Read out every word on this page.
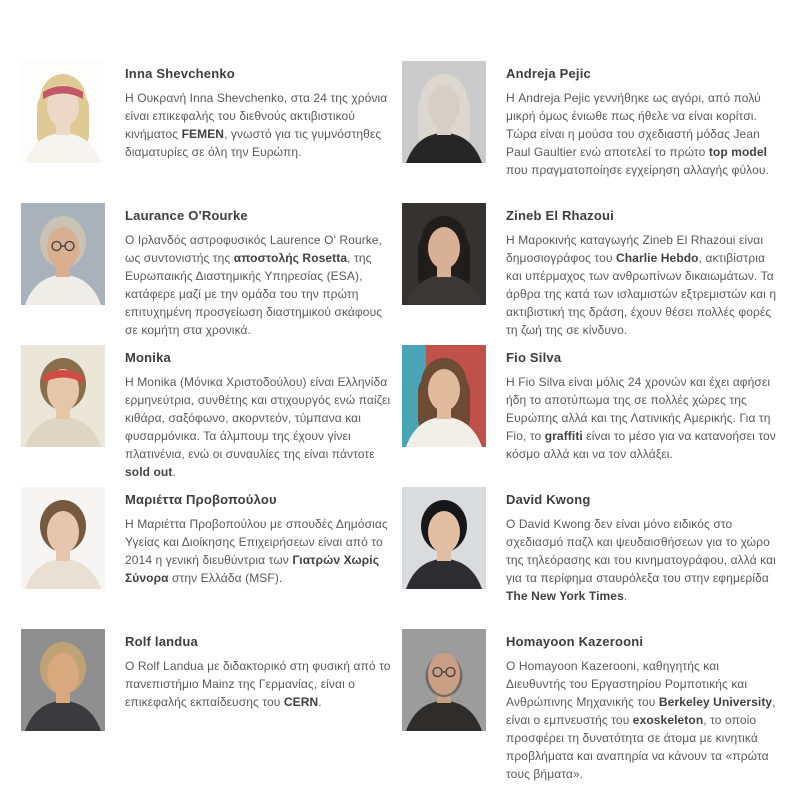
Inna Shevchenko

Η Ουκρανή Inna Shevchenko, στα 24 της χρόνια είναι επικεφαλής του διεθνούς ακτιβιστικού κινήματος FEMEN, γνωστό για τις γυμνόστηθες διαματυρίες σε όλη την Ευρώπη.

Andreja Pejic

Η Andreja Pejic γεννήθηκε ως αγόρι, από πολύ μικρή όμως ένιωθε πως ήθελε να είναι κορίτσι. Τώρα είναι η μούσα του σχεδιαστή μόδας Jean Paul Gaultier ενώ αποτελεί το πρώτο top model που πραγματοποίησε εγχείρηση αλλαγής φύλου.

Laurance O'Rourke

Ο Ιρλανδός αστροφυσικός Laurence O' Rourke, ως συντονιστής της αποστολής Rosetta, της Ευρωπαικής Διαστημικής Υπηρεσίας (ESA), κατάφερε μαζί με την ομάδα του την πρώτη επιτυχημένη προσγείωση διαστημικού σκάφους σε κομήτη στα χρονικά.

Zineb El Rhazoui

Η Μαροκινής καταγωγής Zineb El Rhazoui είναι δημοσιογράφος του Charlie Hebdo, ακτιβίστρια και υπέρμαχος των ανθρωπίνων δικαιωμάτων. Τα άρθρα της κατά των ισλαμιστών εξτρεμιστών και η ακτιβιστική της δράση, έχουν θέσει πολλές φορές τη ζωή της σε κίνδυνο.

Monika

Η Monika (Μόνικα Χριστοδούλου) είναι Ελληνίδα ερμηνεύτρια, συνθέτης και στιχουργός ενώ παίζει κιθάρα, σαξόφωνο, ακορντεόν, τύμπανα και φυσαρμόνικα. Τα άλμπουμ της έχουν γίνει πλατινένια, ενώ οι συναυλίες της είναι πάντοτε sold out.

Fio Silva

Η Fio Silva είναι μόλις 24 χρονών και έχει αφήσει ήδη το αποτύπωμα της σε πολλές χώρες της Ευρώπης αλλά και της Λατινικής Αμερικής. Για τη Fio, το graffiti είναι το μέσο για να κατανοήσει τον κόσμο αλλά και να τον αλλάξει.

Μαριέττα Προβοπούλου

Η Μαριέττα Προβοπούλου με σπουδές Δημόσιας Υγείας και Διοίκησης Επιχειρήσεων είναι από το 2014 η γενική διευθύντρια των Γιατρών Χωρίς Σύνορα στην Ελλάδα (MSF).

David Kwong

Ο David Kwong δεν είναι μόνο ειδικός στο σχεδιασμό παζλ και ψευδαισθήσεων για το χώρο της τηλεόρασης και του κινηματογράφου, αλλά και για τα περίφημα σταυρόλεξα του στην εφημερίδα The New York Times.

Rolf landua

Ο Rolf Landua με διδακτορικό στη φυσική από το πανεπιστήμιο Mainz της Γερμανίας, είναι ο επικεφαλής εκπαίδευσης του CERN.

Homayoon Kazerooni

Ο Homayoon Kazerooni, καθηγητής και Διευθυντής του Εργαστηρίου Ρομποτικής και Ανθρώπινης Μηχανικής του Berkeley University, είναι ο εμπνευστής του exoskeleton, το οποίο προσφέρει τη δυνατότητα σε άτομα με κινητικά προβλήματα και αναπηρία να κάνουν τα «πρώτα τους βήματα».
